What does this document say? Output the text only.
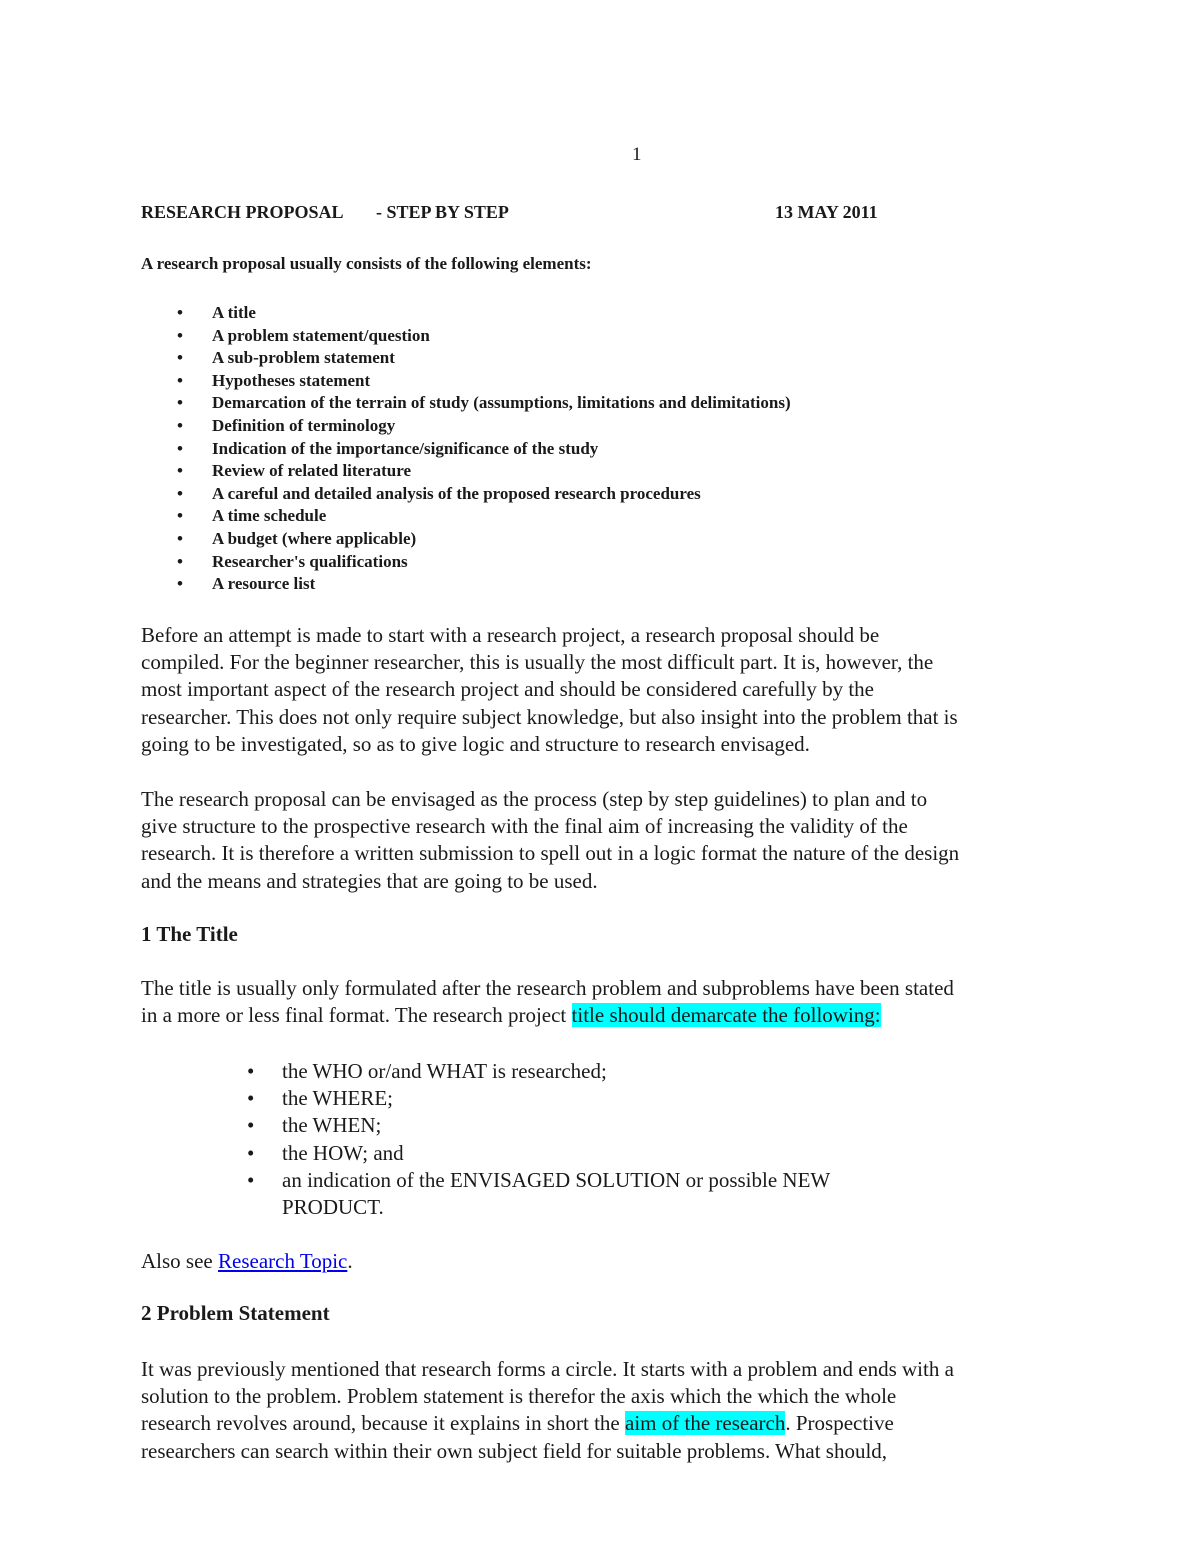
1
RESEARCH PROPOSAL - STEP BY STEP	13 MAY 2011
A research proposal usually consists of the following elements:
• A title
• A problem statement/question
• A sub-problem statement
• Hypotheses statement
• Demarcation of the terrain of study (assumptions, limitations and delimitations)
• Definition of terminology
• Indication of the importance/significance of the study
• Review of related literature
• A careful and detailed analysis of the proposed research procedures
• A time schedule
• A budget (where applicable)
• Researcher's qualifications
• A resource list
Before an attempt is made to start with a research project, a research proposal should be
compiled. For the beginner researcher, this is usually the most difficult part. It is, however, the
most important aspect of the research project and should be considered carefully by the
researcher. This does not only require subject knowledge, but also insight into the problem that is
going to be investigated, so as to give logic and structure to research envisaged.
The research proposal can be envisaged as the process (step by step guidelines) to plan and to
give structure to the prospective research with the final aim of increasing the validity of the
research. It is therefore a written submission to spell out in a logic format the nature of the design
and the means and strategies that are going to be used.
1 The Title
The title is usually only formulated after the research problem and subproblems have been stated
in a more or less final format. The research project title should demarcate the following:
• the WHO or/and WHAT is researched;
• the WHERE;
• the WHEN;
• the HOW; and
• an indication of the ENVISAGED SOLUTION or possible NEW
PRODUCT.
Also see Research Topic.
2 Problem Statement
It was previously mentioned that research forms a circle. It starts with a problem and ends with a
solution to the problem. Problem statement is therefor the axis which the which the whole
research revolves around, because it explains in short the aim of the research. Prospective
researchers can search within their own subject field for suitable problems. What should,
